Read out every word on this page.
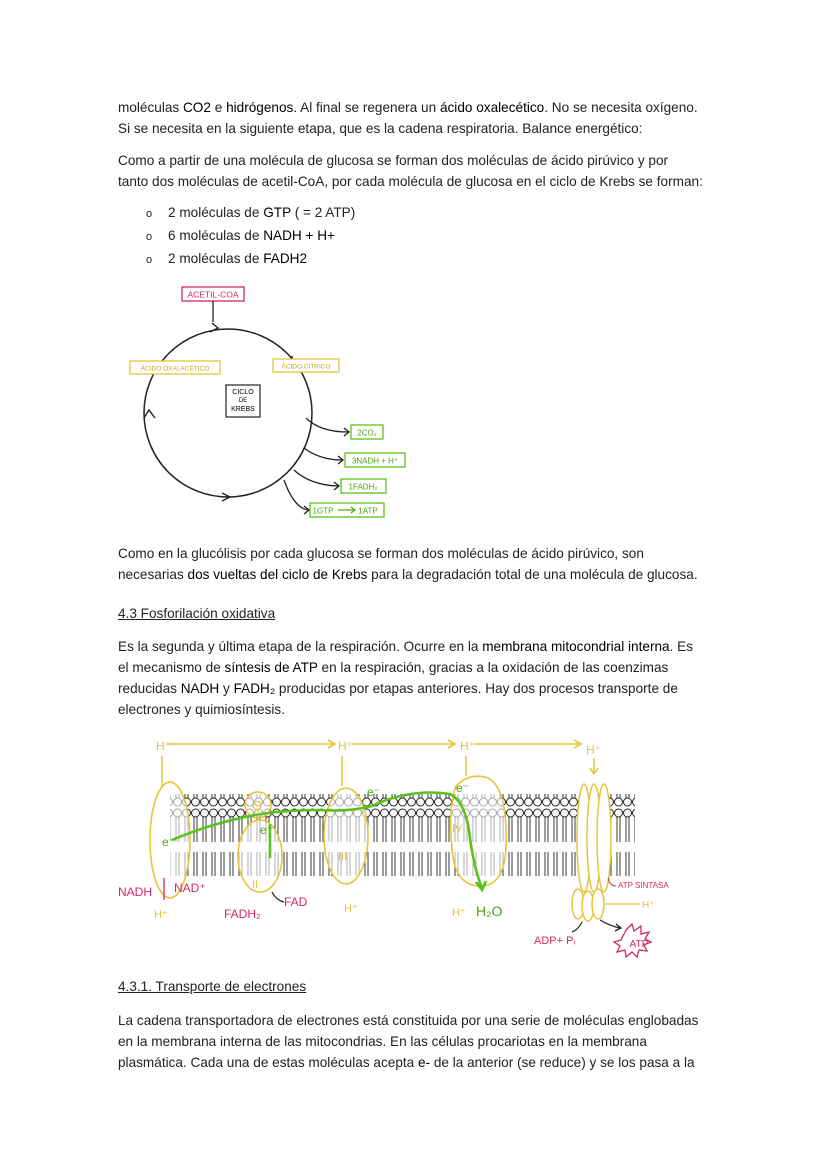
moléculas CO2 e hidrógenos. Al final se regenera un ácido oxalecético. No se necesita oxígeno.
Si se necesita en la siguiente etapa, que es la cadena respiratoria. Balance energético:
Como a partir de una molécula de glucosa se forman dos moléculas de ácido pirúvico y por
tanto dos moléculas de acetil-CoA, por cada molécula de glucosa en el ciclo de Krebs se forman:
o 2 moléculas de GTP ( = 2 ATP)
o 6 moléculas de NADH + H+
o 2 moléculas de FADH2
ACETIL-COA
ÁCIDO OXALACÉTICO	ÁCIDO CÍTRICO
CICLO
DE
KREBS
2CO₂
3NADH + H⁺
1FADH₂
1GTP	1ATP
Como en la glucólisis por cada glucosa se forman dos moléculas de ácido pirúvico, son
necesarias dos vueltas del ciclo de Krebs para la degradación total de una molécula de glucosa.
4.3 Fosforilación oxidativa
Es la segunda y última etapa de la respiración. Ocurre en la membrana mitocondrial interna. Es
el mecanismo de síntesis de ATP en la respiración, gracias a la oxidación de las coenzimas
reducidas NADH y FADH₂ producidas por etapas anteriores. Hay dos procesos transporte de
electrones y quimiosíntesis.
H⁺	H⁺	H⁺	H⁺
Q
II
III
IV
e⁻
e⁻
e⁻	e⁻
NADH NAD⁺
H⁺	FADH₂
FAD	H⁺	H⁺ H₂O
ATP SINTASA
H⁺
ADP+ Pᵢ	ATP
4.3.1. Transporte de electrones
La cadena transportadora de electrones está constituida por una serie de moléculas englobadas
en la membrana interna de las mitocondrias. En las células procariotas en la membrana
plasmática. Cada una de estas moléculas acepta e- de la anterior (se reduce) y se los pasa a la
